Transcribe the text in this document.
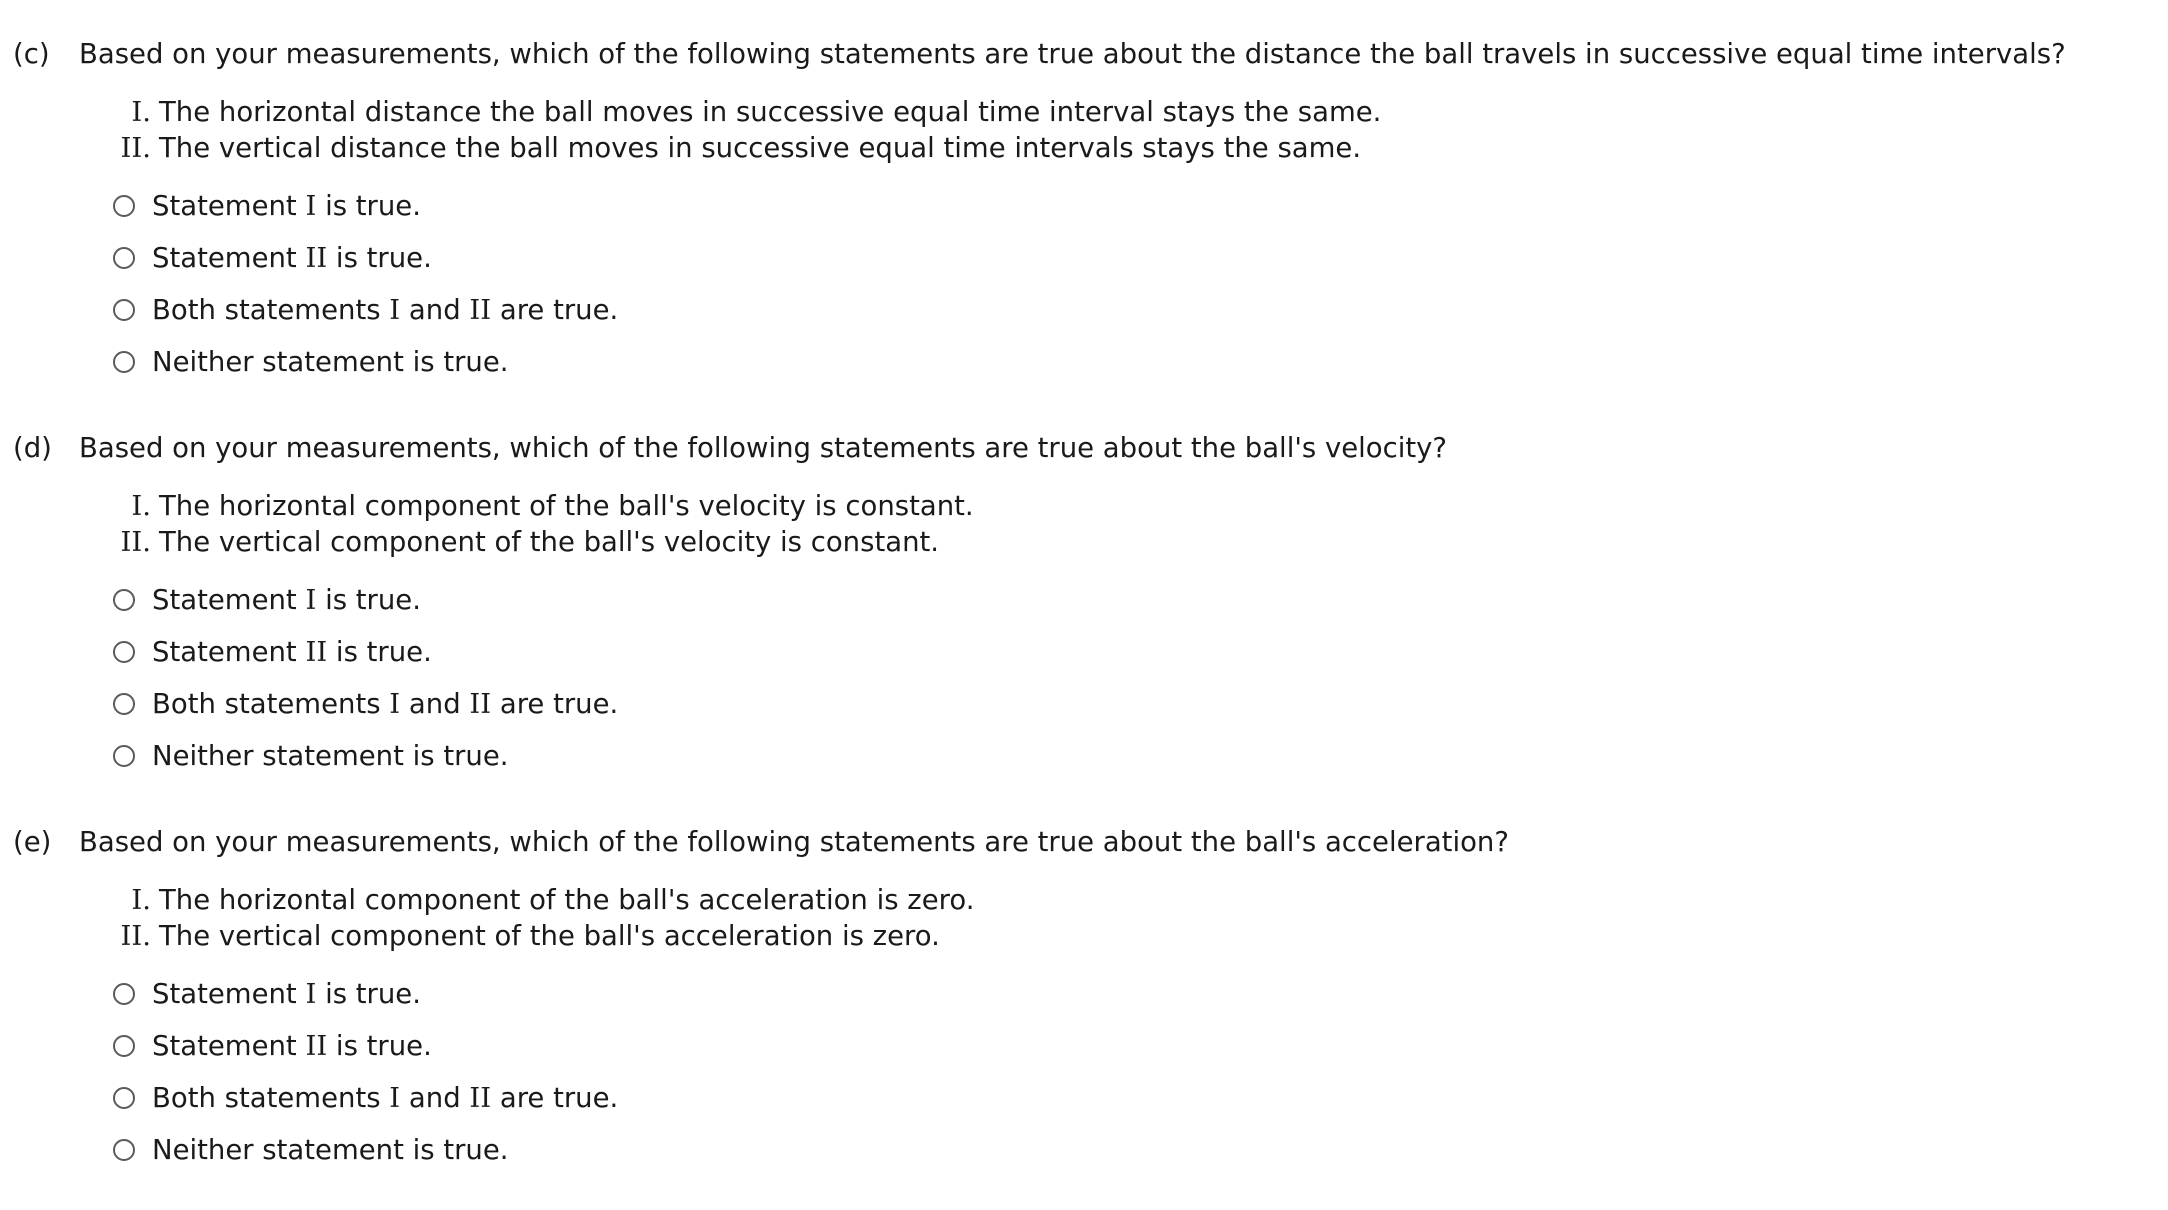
(c)	Based on your measurements, which of the following statements are true about the distance the ball travels in successive equal time intervals?
I. The horizontal distance the ball moves in successive equal time interval stays the same.
II. The vertical distance the ball moves in successive equal time intervals stays the same.
Statement I is true.
Statement II is true.
Both statements I and II are true.
Neither statement is true.
(d) Based on your measurements, which of the following statements are true about the ball's velocity?
I. The horizontal component of the ball's velocity is constant.
II. The vertical component of the ball's velocity is constant.
Statement I is true.
Statement II is true.
Both statements I and II are true.
Neither statement is true.
(e)	Based on your measurements, which of the following statements are true about the ball's acceleration?
I. The horizontal component of the ball's acceleration is zero.
II. The vertical component of the ball's acceleration is zero.
Statement I is true.
Statement II is true.
Both statements I and II are true.
Neither statement is true.
